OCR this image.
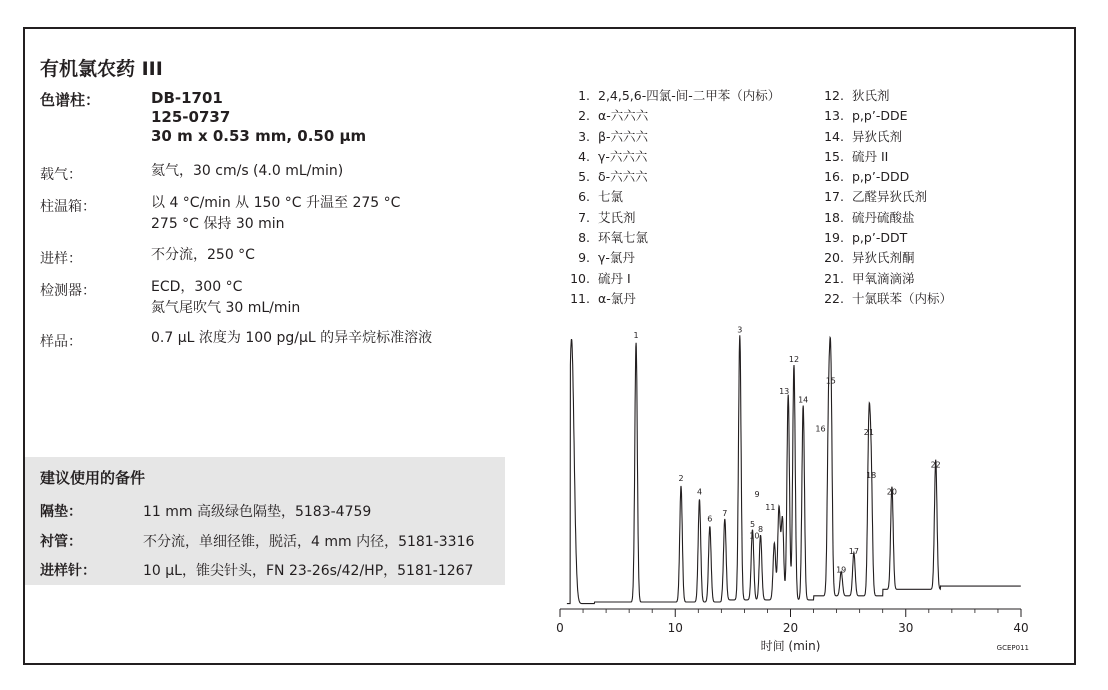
有机氯农药 III
色谱柱：	DB-1701
125-0737
30 m x 0.53 mm, 0.50 µm
载气：	氦气，30 cm/s (4.0 mL/min)
柱温箱：	以 4 °C/min 从 150 °C 升温至 275 °C
275 °C 保持 30 min
进样：	不分流，250 °C
检测器：	ECD，300 °C
氮气尾吹气 30 mL/min
样品：	0.7 µL 浓度为 100 pg/µL 的异辛烷标准溶液
建议使用的备件
隔垫：	11 mm 高级绿色隔垫，5183-4759
衬管：	不分流，单细径锥，脱活，4 mm 内径，5181-3316
进样针：	10 µL，锥尖针头，FN 23-26s/42/HP，5181-1267
1. 2,4,5,6-四氯-间-二甲苯（内标）
2. α-六六六
3. β-六六六
4. γ-六六六
5. δ-六六六
6. 七氯
7. 艾氏剂
8. 环氧七氯
9. γ-氯丹
10. 硫丹 I
11. α-氯丹
12. 狄氏剂
13. p,p’-DDE
14. 异狄氏剂
15. 硫丹 II
16. p,p’-DDD
17. 乙醛异狄氏剂
18. 硫丹硫酸盐
19. p,p’-DDT
20. 异狄氏剂酮
21. 甲氧滴滴涕
22. 十氯联苯（内标）
1
2
3
4
5
6
7
8
9
10
11
12
13
14
15
16
17
18
19
20
21
22
0	10	20	30	40
时间 (min)	GCEP011
